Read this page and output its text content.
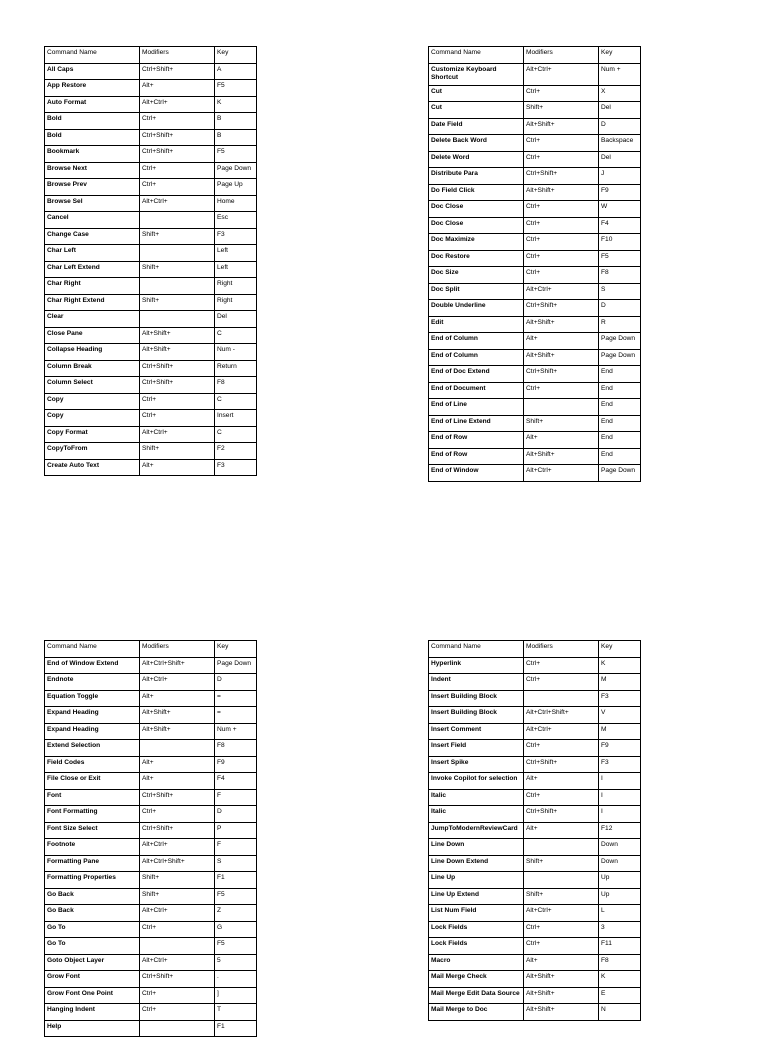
Command Name	Modifiers	Key
All Caps	Ctrl+Shift+	A
App Restore	Alt+	F5
Auto Format	Alt+Ctrl+	K
Bold	Ctrl+	B
Bold	Ctrl+Shift+	B
Bookmark	Ctrl+Shift+	F5
Browse Next	Ctrl+	Page Down
Browse Prev	Ctrl+	Page Up
Browse Sel	Alt+Ctrl+	Home
Cancel		Esc
Change Case	Shift+	F3
Char Left		Left
Char Left Extend	Shift+	Left
Char Right		Right
Char Right Extend	Shift+	Right
Clear		Del
Close Pane	Alt+Shift+	C
Collapse Heading	Alt+Shift+	Num -
Column Break	Ctrl+Shift+	Return
Column Select	Ctrl+Shift+	F8
Copy	Ctrl+	C
Copy	Ctrl+	Insert
Copy Format	Alt+Ctrl+	C
CopyToFrom	Shift+	F2
Create Auto Text	Alt+	F3
Command Name	Modifiers	Key
Customize Keyboard Shortcut	Alt+Ctrl+	Num +
Cut	Ctrl+	X
Cut	Shift+	Del
Date Field	Alt+Shift+	D
Delete Back Word	Ctrl+	Backspace
Delete Word	Ctrl+	Del
Distribute Para	Ctrl+Shift+	J
Do Field Click	Alt+Shift+	F9
Doc Close	Ctrl+	W
Doc Close	Ctrl+	F4
Doc Maximize	Ctrl+	F10
Doc Restore	Ctrl+	F5
Doc Size	Ctrl+	F8
Doc Split	Alt+Ctrl+	S
Double Underline	Ctrl+Shift+	D
Edit	Alt+Shift+	R
End of Column	Alt+	Page Down
End of Column	Alt+Shift+	Page Down
End of Doc Extend	Ctrl+Shift+	End
End of Document	Ctrl+	End
End of Line		End
End of Line Extend	Shift+	End
End of Row	Alt+	End
End of Row	Alt+Shift+	End
End of Window	Alt+Ctrl+	Page Down
Command Name	Modifiers	Key
End of Window Extend	Alt+Ctrl+Shift+	Page Down
Endnote	Alt+Ctrl+	D
Equation Toggle	Alt+	=
Expand Heading	Alt+Shift+	=
Expand Heading	Alt+Shift+	Num +
Extend Selection		F8
Field Codes	Alt+	F9
File Close or Exit	Alt+	F4
Font	Ctrl+Shift+	F
Font Formatting	Ctrl+	D
Font Size Select	Ctrl+Shift+	P
Footnote	Alt+Ctrl+	F
Formatting Pane	Alt+Ctrl+Shift+	S
Formatting Properties	Shift+	F1
Go Back	Shift+	F5
Go Back	Alt+Ctrl+	Z
Go To	Ctrl+	G
Go To		F5
Goto Object Layer	Alt+Ctrl+	5
Grow Font	Ctrl+Shift+	.
Grow Font One Point	Ctrl+	]
Hanging Indent	Ctrl+	T
Help		F1
Command Name	Modifiers	Key
Hyperlink	Ctrl+	K
Indent	Ctrl+	M
Insert Building Block		F3
Insert Building Block	Alt+Ctrl+Shift+	V
Insert Comment	Alt+Ctrl+	M
Insert Field	Ctrl+	F9
Insert Spike	Ctrl+Shift+	F3
Invoke Copilot for selection	Alt+	I
Italic	Ctrl+	I
Italic	Ctrl+Shift+	I
JumpToModernReviewCard	Alt+	F12
Line Down		Down
Line Down Extend	Shift+	Down
Line Up		Up
Line Up Extend	Shift+	Up
List Num Field	Alt+Ctrl+	L
Lock Fields	Ctrl+	3
Lock Fields	Ctrl+	F11
Macro	Alt+	F8
Mail Merge Check	Alt+Shift+	K
Mail Merge Edit Data Source	Alt+Shift+	E
Mail Merge to Doc	Alt+Shift+	N
